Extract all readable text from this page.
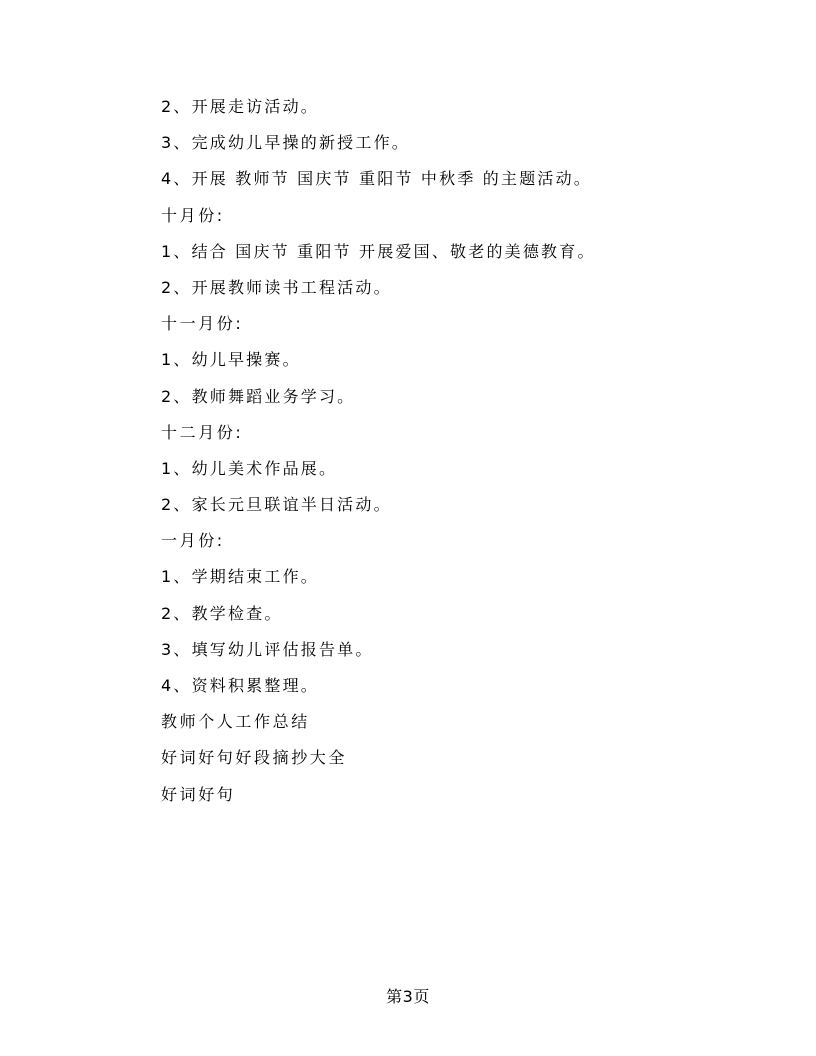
2、开展走访活动。
3、完成幼儿早操的新授工作。
4、开展 教师节 国庆节 重阳节 中秋季 的主题活动。
十月份:
1、结合 国庆节 重阳节 开展爱国、敬老的美德教育。
2、开展教师读书工程活动。
十一月份:
1、幼儿早操赛。
2、教师舞蹈业务学习。
十二月份:
1、幼儿美术作品展。
2、家长元旦联谊半日活动。
一月份:
1、学期结束工作。
2、教学检查。
3、填写幼儿评估报告单。
4、资料积累整理。
教师个人工作总结
好词好句好段摘抄大全
好词好句
第3页
